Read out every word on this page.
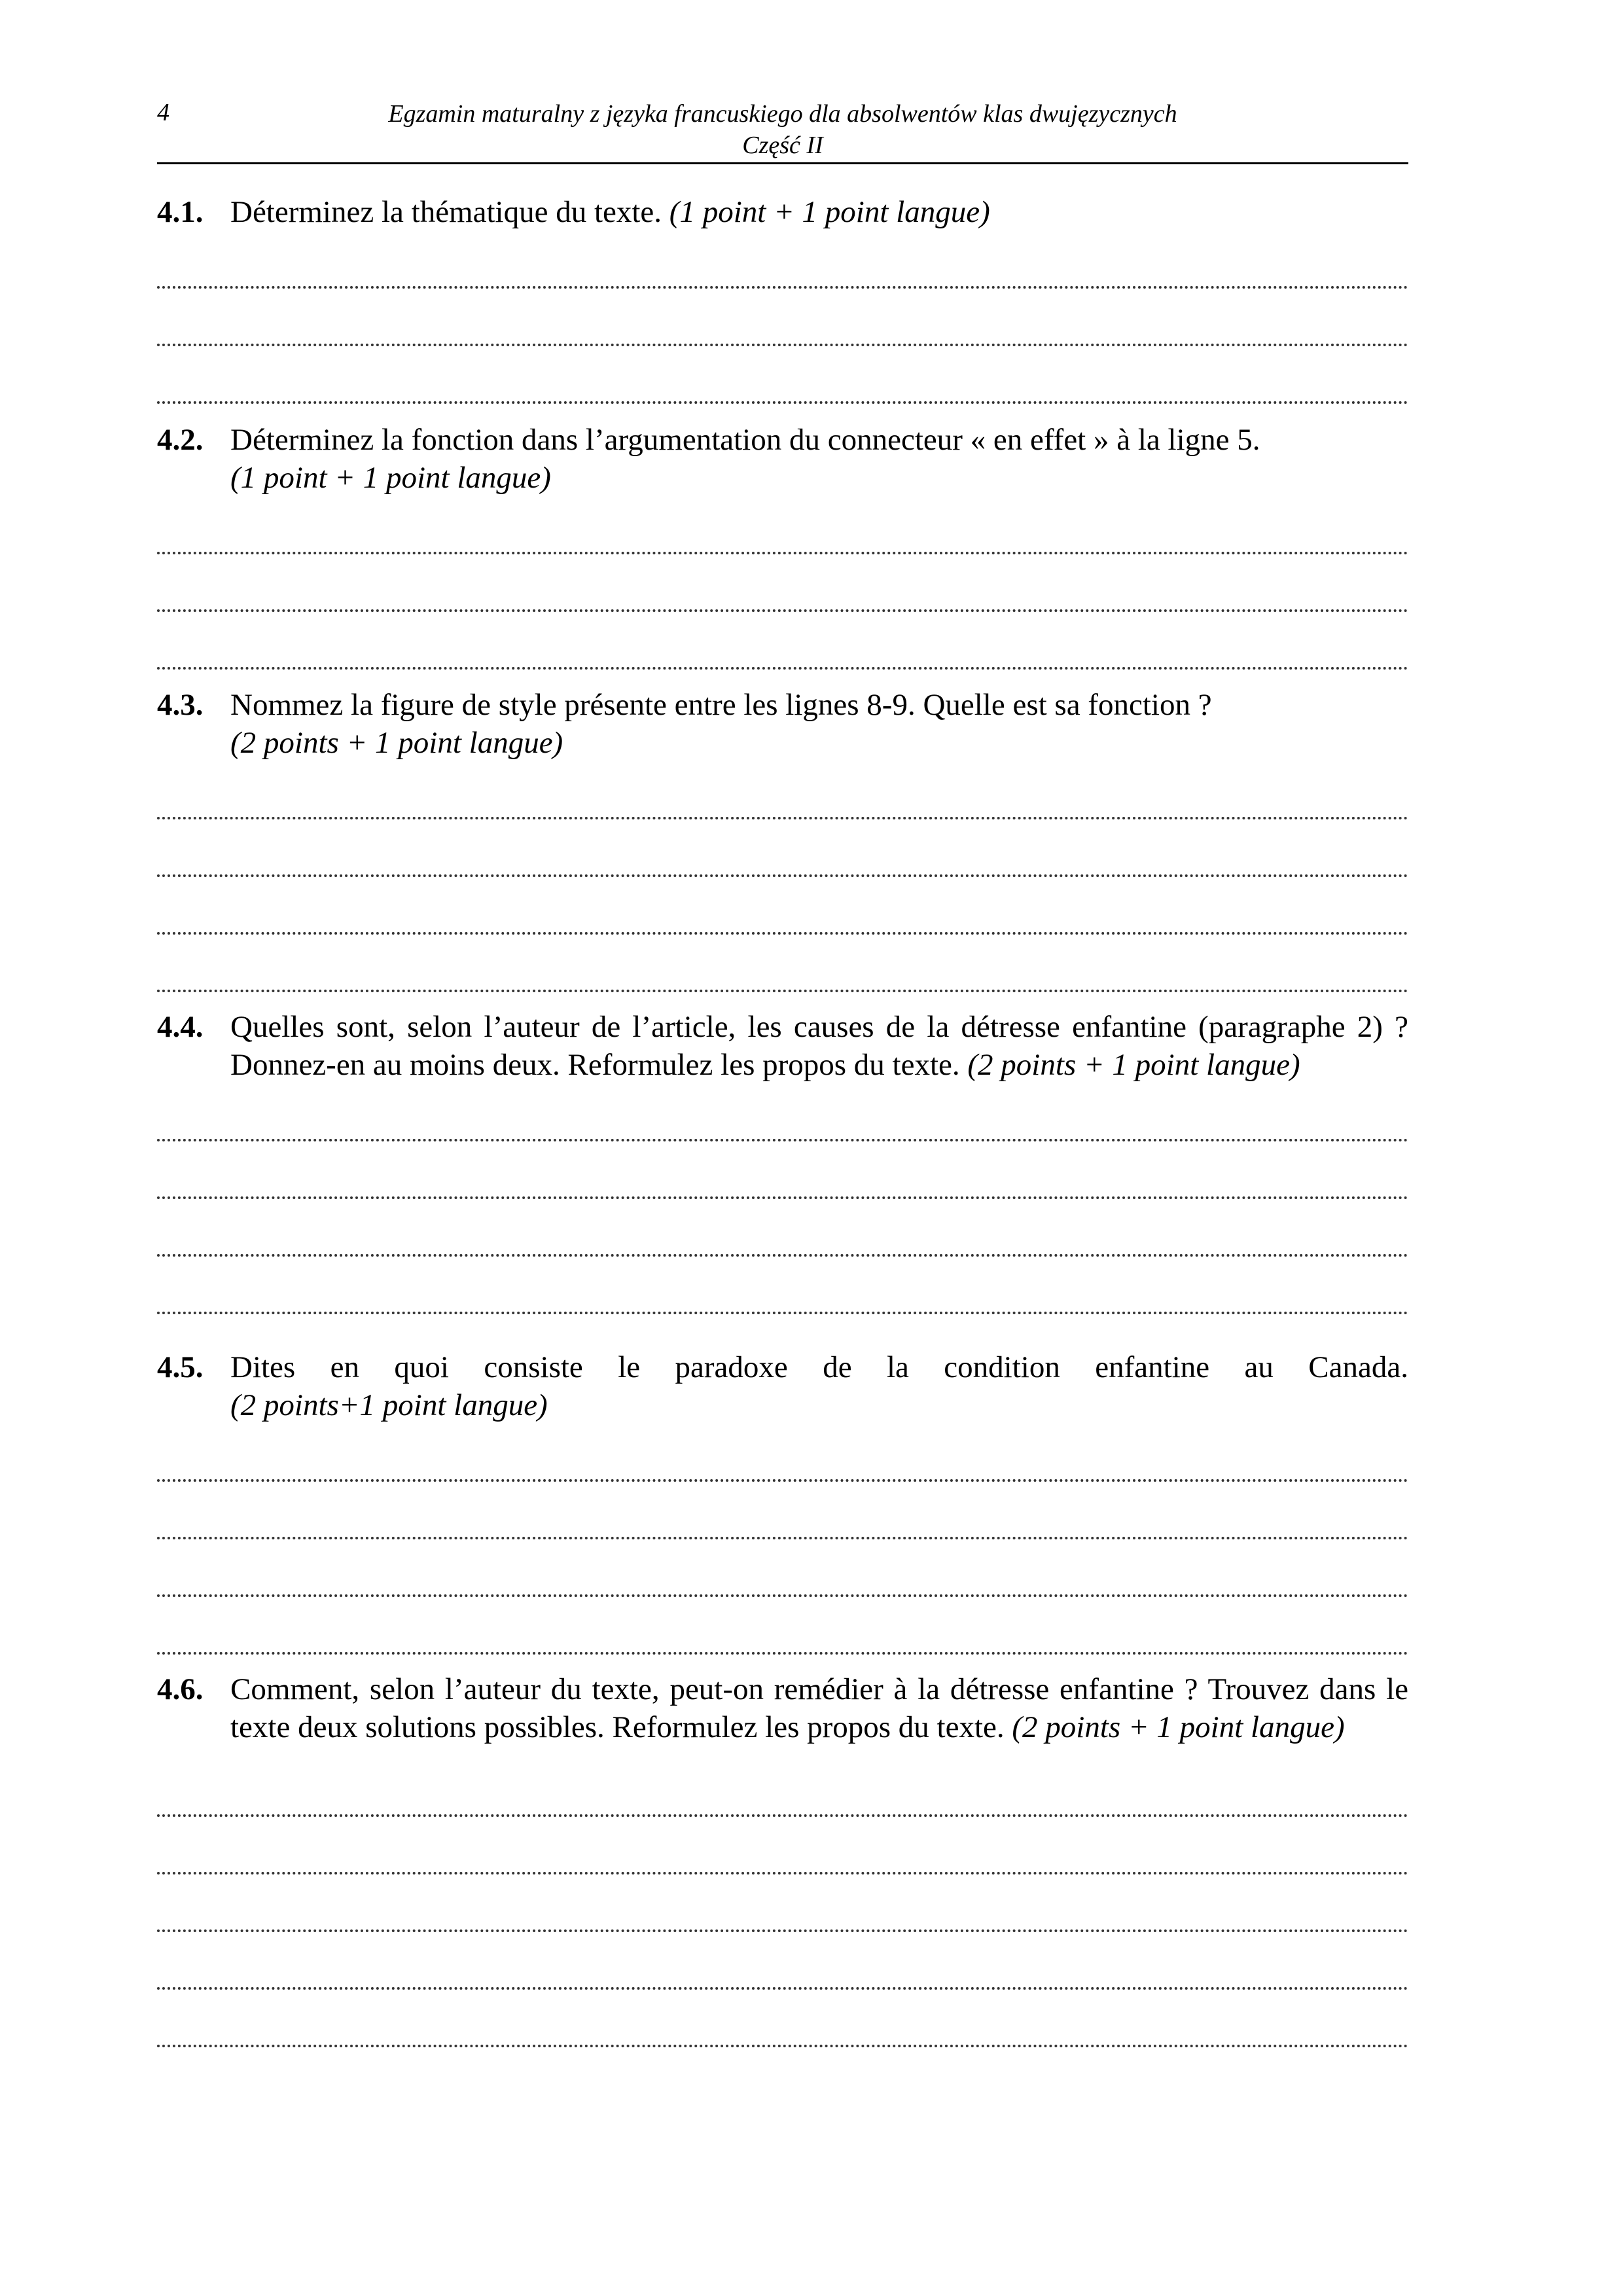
4	Egzamin maturalny z języka francuskiego dla absolwentów klas dwujęzycznych
Część II
4.1. Déterminez la thématique du texte. (1 point + 1 point langue)
4.2. Déterminez la fonction dans l’argumentation du connecteur « en effet » à la ligne 5.
(1 point + 1 point langue)
4.3. Nommez la figure de style présente entre les lignes 8-9. Quelle est sa fonction ?
(2 points + 1 point langue)
4.4. Quelles sont, selon l’auteur de l’article, les causes de la détresse enfantine (paragraphe 2) ? Donnez-en au moins deux. Reformulez les propos du texte. (2 points + 1 point langue)
4.5. Dites en quoi consiste le paradoxe de la condition enfantine au Canada.
(2 points+1 point langue)
4.6. Comment, selon l’auteur du texte, peut-on remédier à la détresse enfantine ? Trouvez dans le texte deux solutions possibles. Reformulez les propos du texte. (2 points + 1 point langue)
